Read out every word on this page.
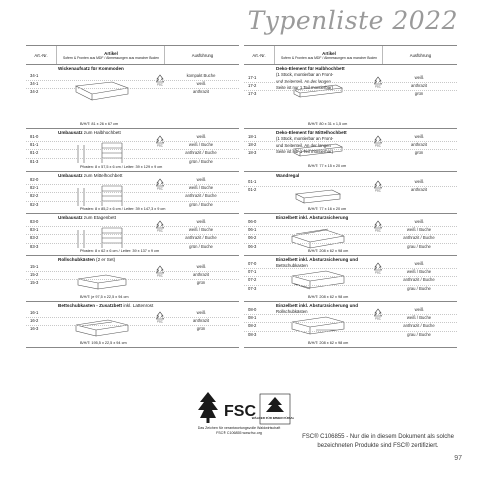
Typenliste 2022
Art.-Nr.	Artikel
Sofern & Fronten aus MDF / Abmessungen aus mancher Boden	Ausführung
Wickenaufsatz für Kommoden
FSC
34-1	kompakt Buche
34-1	weiß
34-2	anthrazit
B/H/T: 81 x 26 x 67 cm
Umbausatz zum Halbhochbett
FSC
81-0	weiß
81-1	weiß / Buche
81-2	anthrazit / Buche
81-3	grün / Buche
Pfosten: 8 x 57,5 x 6 cm / Leiter: 39 x 129 x 9 cm
Umbausatz zum Mittelhochbett
FSC
82-0	weiß
82-1	weiß / Buche
82-2	anthrazit / Buche
82-3	grün / Buche
Pfosten: 8 x 85,2 x 6 cm / Leiter: 39 x 147,3 x 9 cm
Umbausatz zum Etagenbett
FSC
83-0	weiß
83-1	weiß / Buche
83-2	anthrazit / Buche
83-3	grün / Buche
Pfosten: 8 x 62 x 6 cm / Leiter: 39 x 137 x 9 cm
Rollschubkästen (2 er Set)
FSC
15-1	weiß
15-2	anthrazit
15-3	grün
B/H/T: je 97,5 x 22,5 x 94 cm
Bettschubkasten - Zusatzbett inkl. Lattenrost
FSC
16-1	weiß
16-2	anthrazit
16-3	grün
B/H/T: 195,5 x 22,5 x 94 cm
Art.-Nr.	Artikel
Sofern & Fronten aus MDF / Abmessungen aus mancher Boden	Ausführung
Deko-Element für Halbhochbett
(1 Stück, montierbar an Front- und Seitenteil. An der langen Seite ist nur 1 Teil montierbar)	FSC
17-1	weiß
17-2	anthrazit
17-3	grün
B/H/T: 80 x 31 x 1,5 cm
Deko-Element für Mittelhochbett
(1 Stück, montierbar an Front- und Seitenteil. An der langen Seite ist nur 1 Teil montierbar)
FSC
18-1	weiß
18-2	anthrazit
18-3	grün
B/H/T: 77 x 15 x 20 cm
Wandregal
FSC
01-1	weiß
01-2	anthrazit
B/H/T: 77 x 16 x 20 cm
Einzelbett inkl. Absturzsicherung
FSC
06-0	weiß
06-1	weiß / Buche
06-2	anthrazit / Buche
06-3	grau / Buche
B/H/T: 208 x 62 x 98 cm
Einzelbett inkl. Absturzsicherung und
Bettschubkasten
FSC
07-0	weiß
07-1	weiß / Buche
07-2	anthrazit / Buche
07-3	grau / Buche
B/H/T: 208 x 62 x 98 cm
Einzelbett inkl. Absturzsicherung und
Rollschubkästen
FSC
08-0	weiß
08-1	weiß / Buche
08-2	anthrazit / Buche
08-3	grau / Buche
B/H/T: 208 x 62 x 98 cm
FSC
WÄLDER FÜR IMMER FÜR ALLE
Das Zeichen für verantwortungsvolle Waldwirtschaft FSC® C106855 www.fsc.org
FSC® C106855 - Nur die in diesem Dokument als solche bezeichneten Produkte sind FSC® zertifiziert.
97
